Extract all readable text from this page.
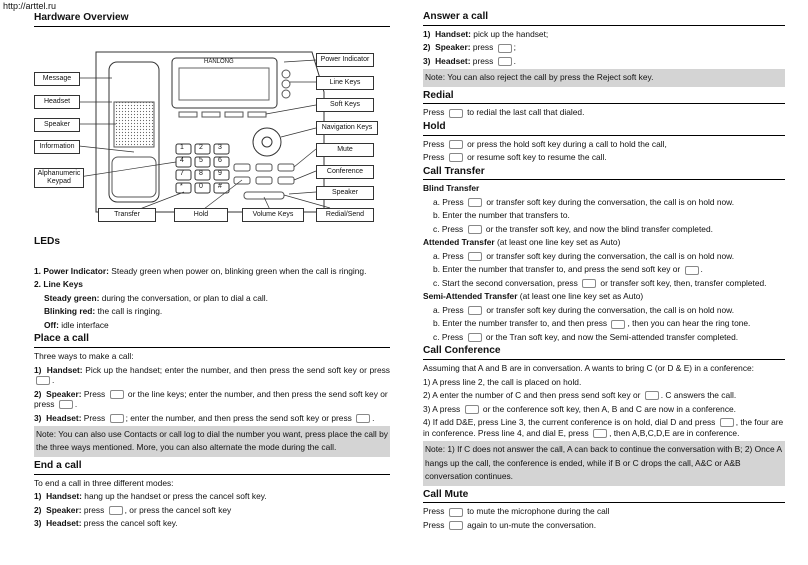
http://arttel.ru
Hardware Overview
1 2 3
4 5 6
7 8 9
* 0 #
HANLONG
Message
Headset
Speaker
Information
Alphanumeric Keypad
Power Indicator
Line Keys
Soft Keys
Navigation Keys
Mute
Conference
Speaker
Redial/Send
Transfer	Hold	Volume Keys
LEDs
1. Power Indicator: Steady green when power on, blinking green when the call is ringing.
2. Line Keys
Steady green: during the conversation, or plan to dial a call.
Blinking red: the call is ringing.
Off: idle interface
Place a call
Three ways to make a call:
1) Handset: Pick up the handset; enter the number, and then press the send soft key or press .
2) Speaker: Press  or the line keys; enter the number, and then press the send soft key or press .
3) Headset: Press ; enter the number, and then press the send soft key or press .
Note: You can also use Contacts or call log to dial the number you want, press place the call by the three ways mentioned. More, you can also alternate the mode during the call.
End a call
To end a call in three different modes:
1) Handset: hang up the handset or press the cancel soft key.
2) Speaker: press , or press the cancel soft key
3) Headset: press the cancel soft key.
Answer a call
1) Handset: pick up the handset;
2) Speaker: press ;
3) Headset: press .
Note: You can also reject the call by press the Reject soft key.
Redial
Press  to redial the last call that dialed.
Hold
Press  or press the hold soft key during a call to hold the call,
Press  or resume soft key to resume the call.
Call Transfer
Blind Transfer
a. Press  or transfer soft key during the conversation, the call is on hold now.
b. Enter the number that transfers to.
c. Press  or the transfer soft key, and now the blind transfer completed.
Attended Transfer (at least one line key set as Auto)
a. Press  or transfer soft key during the conversation, the call is on hold now.
b. Enter the number that transfer to, and press the send soft key or .
c. Start the second conversation, press  or transfer soft key, then, transfer completed.
Semi-Attended Transfer (at least one line key set as Auto)
a. Press  or transfer soft key during the conversation, the call is on hold now.
b. Enter the number transfer to, and then press , then you can hear the ring tone.
c. Press  or the Tran soft key, and now the Semi-attended transfer completed.
Call Conference
Assuming that A and B are in conversation. A wants to bring C (or D & E) in a conference:
1) A press line 2, the call is placed on hold.
2) A enter the number of C and then press send soft key or . C answers the call.
3) A press  or the conference soft key, then A, B and C are now in a conference.
4) If add D&E, press Line 3, the current conference is on hold, dial D and press , the four are in conference. Press line 4, and dial E, press , then A,B,C,D,E are in conference.
Note: 1) If C does not answer the call, A can back to continue the conversation with B; 2) Once A hangs up the call, the conference is ended, while if B or C drops the call, A&C or A&B conversation continues.
Call Mute
Press  to mute the microphone during the call
Press  again to un-mute the conversation.
